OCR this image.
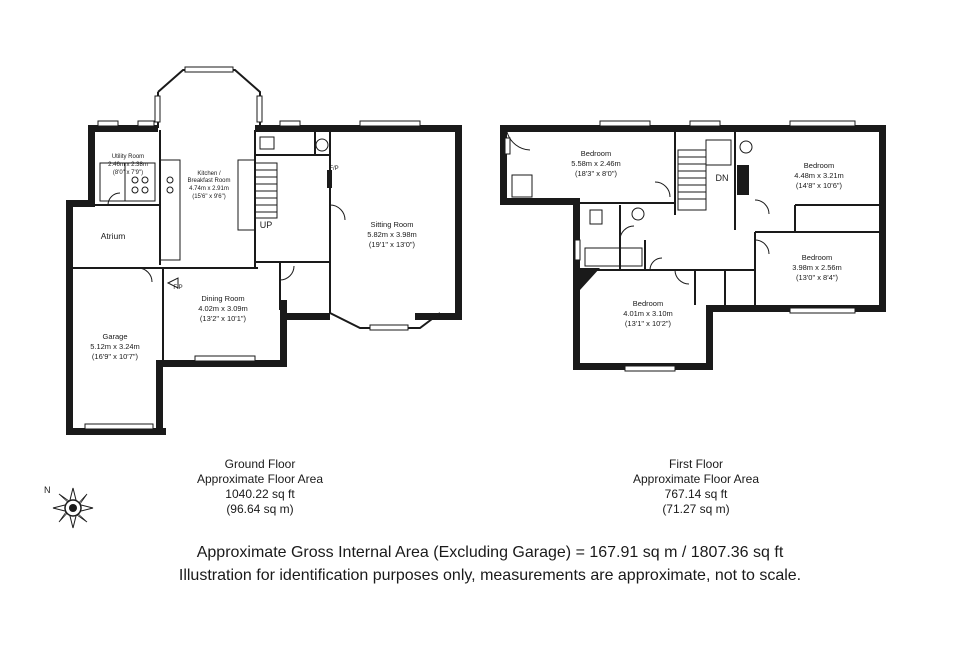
Utility Room
2.46m x 2.38m
(8'0" x 7'9")	Kitchen /
Breakfast Room
4.74m x 2.91m
(15'6" x 9'6")
Sitting Room
5.82m x 3.98m
(19'1" x 13'0")
Atrium
Dining Room
4.02m x 3.09m
(13'2" x 10'1")
Garage
5.12m x 3.24m
(16'9" x 10'7")
UP
F/P
F/P
Bedroom
5.58m x 2.46m
(18'3" x 8'0")
Bedroom
4.48m x 3.21m
(14'8" x 10'6")
Bedroom
3.98m x 2.56m
(13'0" x 8'4")
Bedroom
4.01m x 3.10m
(13'1" x 10'2")
DN
N
Ground Floor
Approximate Floor Area
1040.22 sq ft
(96.64 sq m)
First Floor
Approximate Floor Area
767.14 sq ft
(71.27 sq m)
Approximate Gross Internal Area (Excluding Garage) = 167.91 sq m / 1807.36 sq ft
Illustration for identification purposes only, measurements are approximate, not to scale.
